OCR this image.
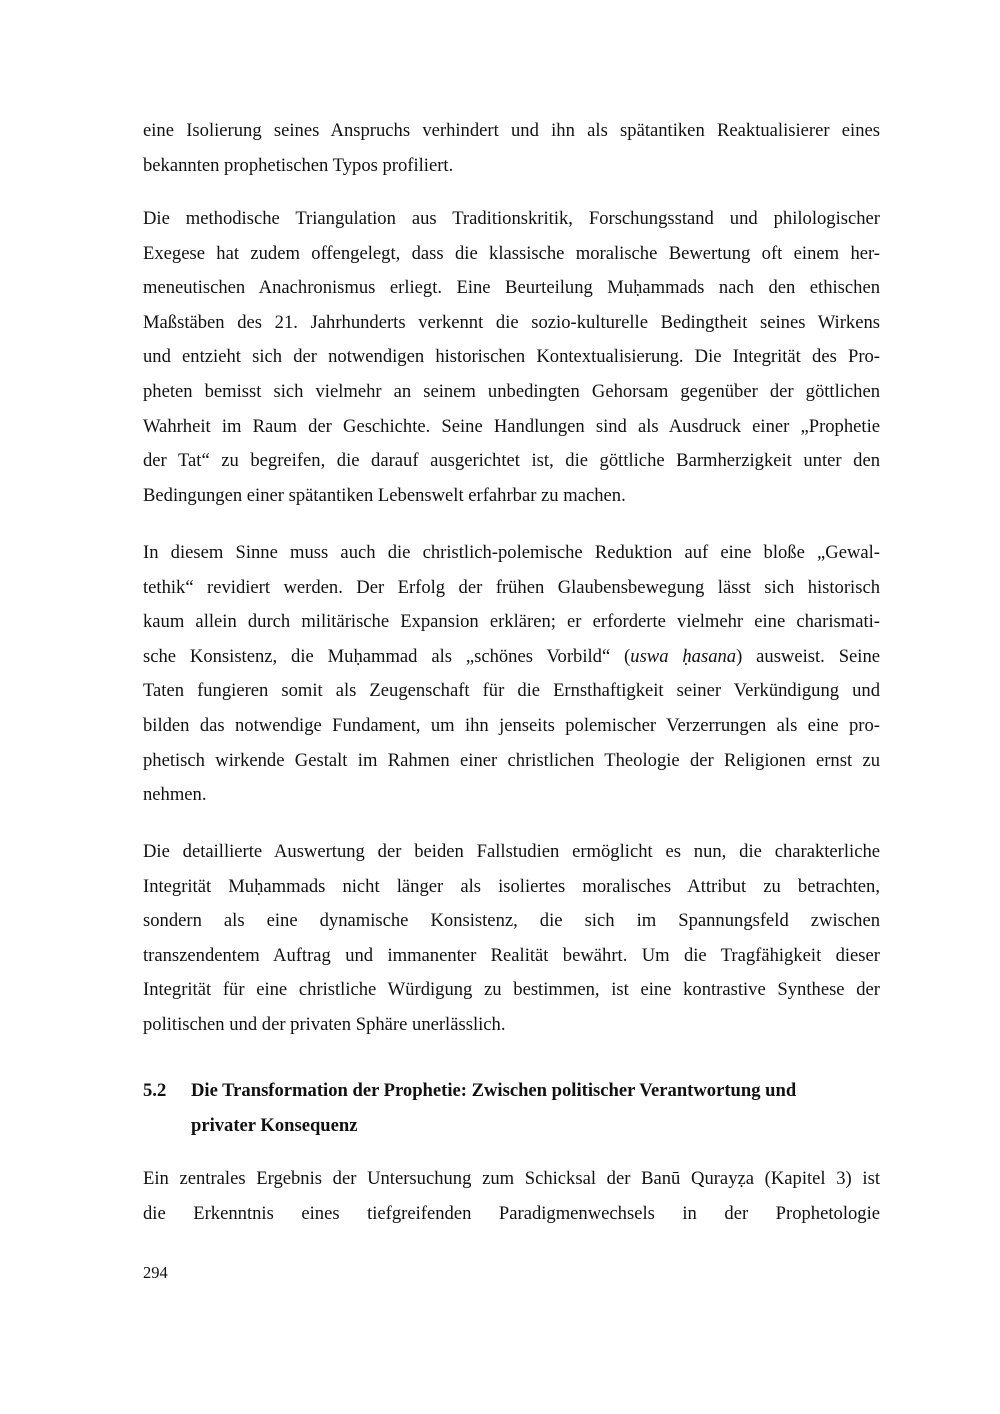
eine Isolierung seines Anspruchs verhindert und ihn als spätantiken Reaktualisierer eines

bekannten prophetischen Typos profiliert.

Die methodische Triangulation aus Traditionskritik, Forschungsstand und philologischer

Exegese hat zudem offengelegt, dass die klassische moralische Bewertung oft einem her-

meneutischen Anachronismus erliegt. Eine Beurteilung Muḥammads nach den ethischen

Maßstäben des 21. Jahrhunderts verkennt die sozio-kulturelle Bedingtheit seines Wirkens

und entzieht sich der notwendigen historischen Kontextualisierung. Die Integrität des Pro-

pheten bemisst sich vielmehr an seinem unbedingten Gehorsam gegenüber der göttlichen

Wahrheit im Raum der Geschichte. Seine Handlungen sind als Ausdruck einer „Prophetie

der Tat“ zu begreifen, die darauf ausgerichtet ist, die göttliche Barmherzigkeit unter den

Bedingungen einer spätantiken Lebenswelt erfahrbar zu machen.

In diesem Sinne muss auch die christlich-polemische Reduktion auf eine bloße „Gewal-

tethik“ revidiert werden. Der Erfolg der frühen Glaubensbewegung lässt sich historisch

kaum allein durch militärische Expansion erklären; er erforderte vielmehr eine charismati-

sche Konsistenz, die Muḥammad als „schönes Vorbild“ (uswa ḥasana) ausweist. Seine

Taten fungieren somit als Zeugenschaft für die Ernsthaftigkeit seiner Verkündigung und

bilden das notwendige Fundament, um ihn jenseits polemischer Verzerrungen als eine pro-

phetisch wirkende Gestalt im Rahmen einer christlichen Theologie der Religionen ernst zu

nehmen.

Die detaillierte Auswertung der beiden Fallstudien ermöglicht es nun, die charakterliche

Integrität Muḥammads nicht länger als isoliertes moralisches Attribut zu betrachten,

sondern als eine dynamische Konsistenz, die sich im Spannungsfeld zwischen

transzendentem Auftrag und immanenter Realität bewährt. Um die Tragfähigkeit dieser

Integrität für eine christliche Würdigung zu bestimmen, ist eine kontrastive Synthese der

politischen und der privaten Sphäre unerlässlich.

5.2	Die Transformation der Prophetie: Zwischen politischer Verantwortung und
privater Konsequenz

Ein zentrales Ergebnis der Untersuchung zum Schicksal der Banū Qurayẓa (Kapitel 3) ist

die Erkenntnis eines tiefgreifenden Paradigmenwechsels in der Prophetologie

294
